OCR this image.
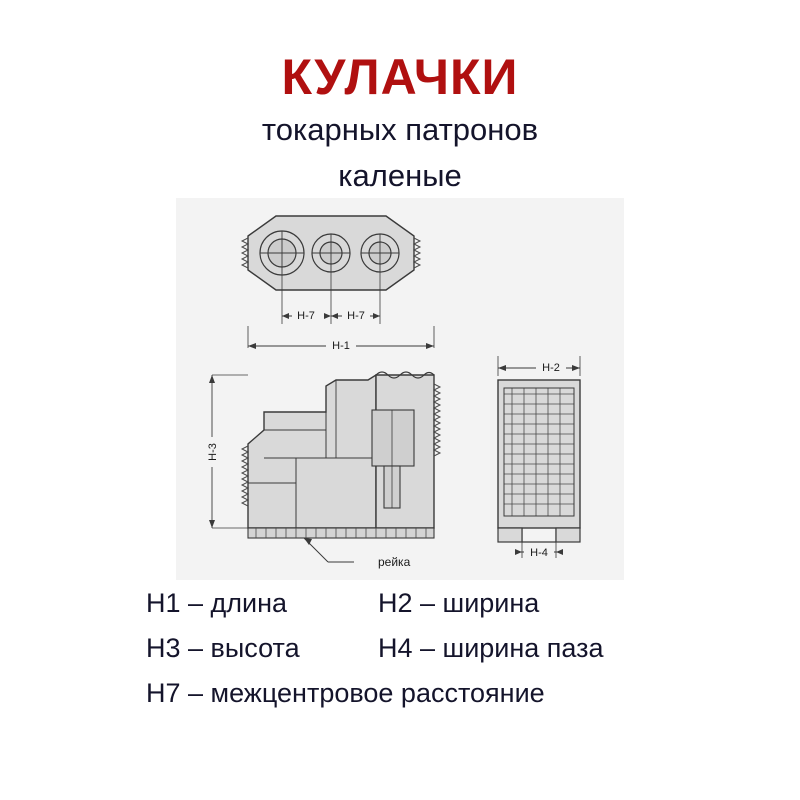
КУЛАЧКИ
токарных патронов
каленые
H-7	H-7
H-1
H-2
H-4
H-3
рейка
H1 – длина	H2 – ширина
H3 – высота	H4 – ширина паза
H7 – межцентровое расстояние
